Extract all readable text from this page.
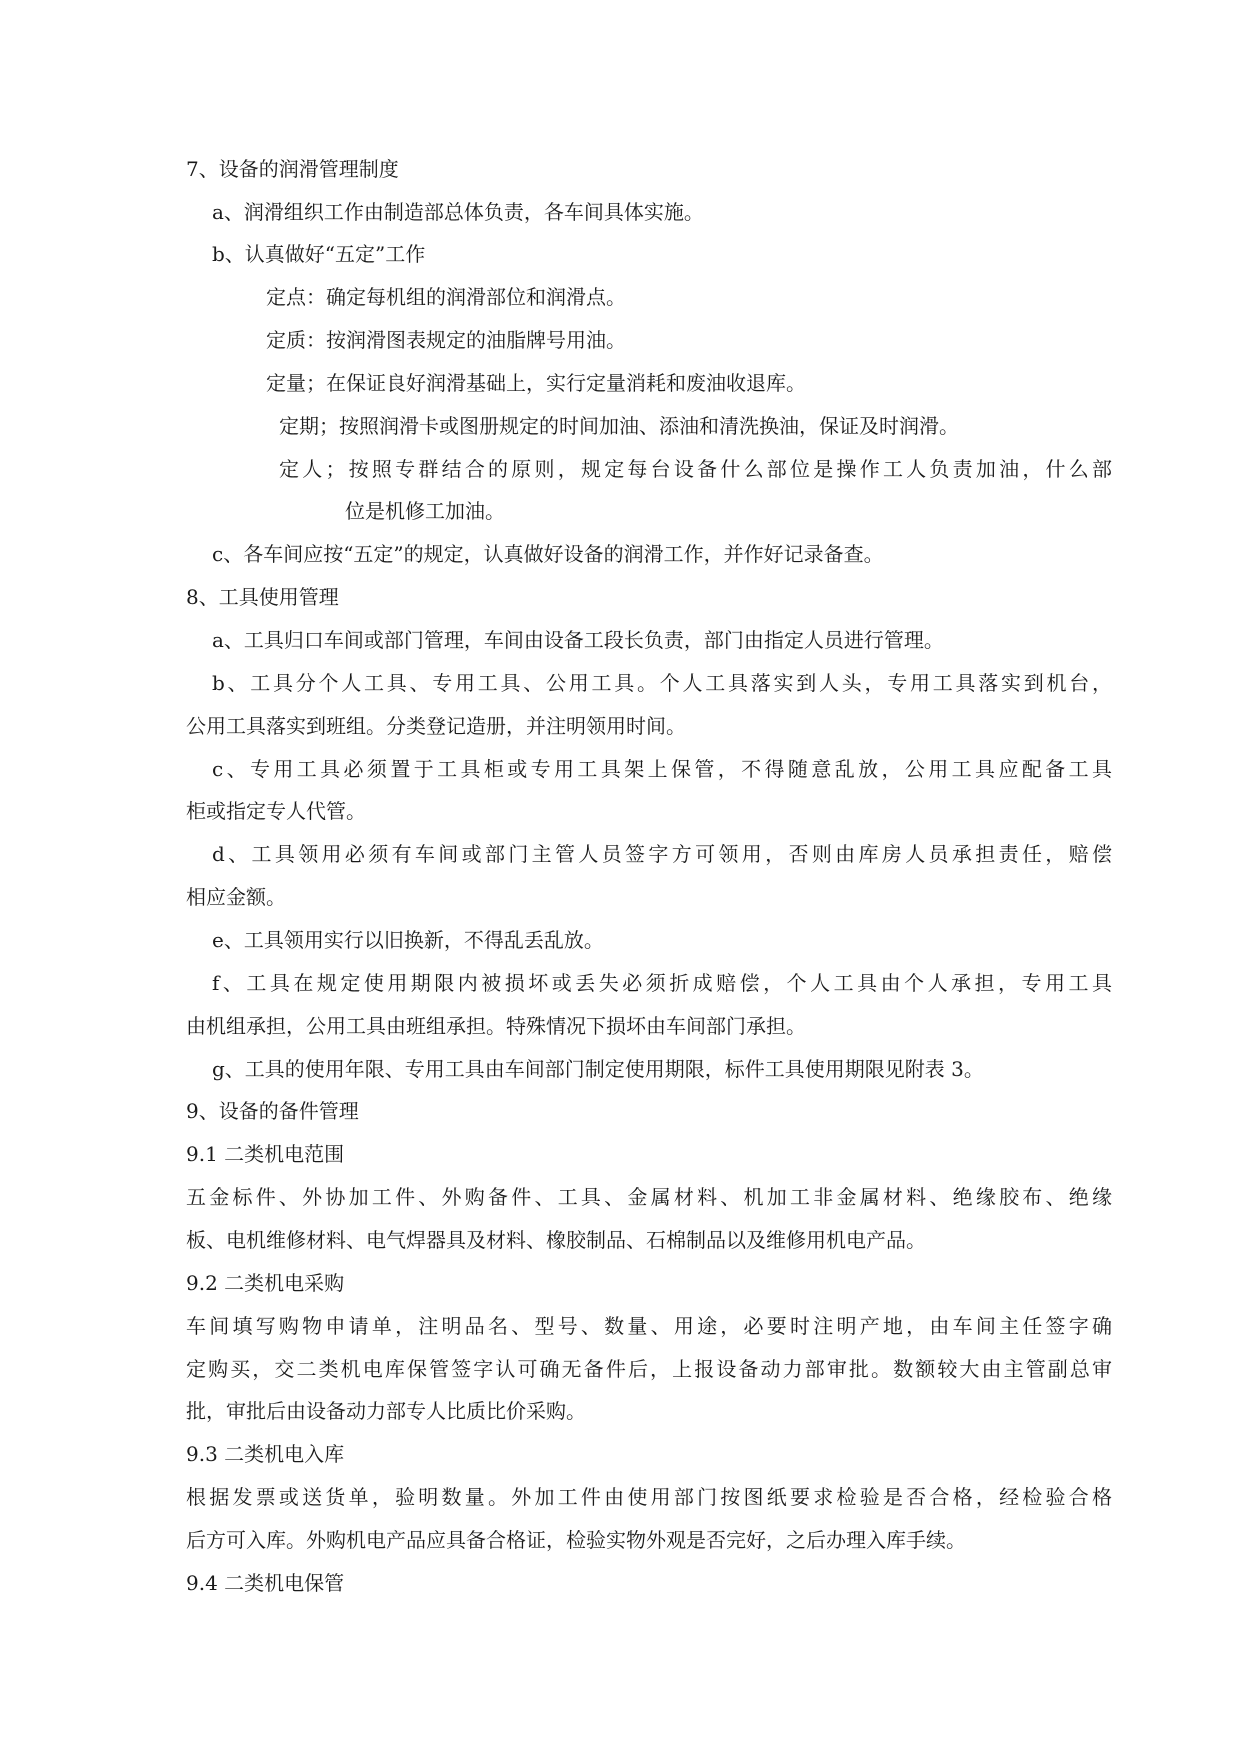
7、设备的润滑管理制度
a、润滑组织工作由制造部总体负责，各车间具体实施。
b、认真做好“五定”工作
定点：确定每机组的润滑部位和润滑点。
定质：按润滑图表规定的油脂牌号用油。
定量；在保证良好润滑基础上，实行定量消耗和废油收退库。
定期；按照润滑卡或图册规定的时间加油、添油和清洗换油，保证及时润滑。
定人；按照专群结合的原则，规定每台设备什么部位是操作工人负责加油，什么部
位是机修工加油。
c、各车间应按“五定”的规定，认真做好设备的润滑工作，并作好记录备查。
8、工具使用管理
a、工具归口车间或部门管理，车间由设备工段长负责，部门由指定人员进行管理。
b、工具分个人工具、专用工具、公用工具。个人工具落实到人头，专用工具落实到机台，
公用工具落实到班组。分类登记造册，并注明领用时间。
c、专用工具必须置于工具柜或专用工具架上保管，不得随意乱放，公用工具应配备工具
柜或指定专人代管。
d、工具领用必须有车间或部门主管人员签字方可领用，否则由库房人员承担责任，赔偿
相应金额。
e、工具领用实行以旧换新，不得乱丢乱放。
f、工具在规定使用期限内被损坏或丢失必须折成赔偿，个人工具由个人承担，专用工具
由机组承担，公用工具由班组承担。特殊情况下损坏由车间部门承担。
g、工具的使用年限、专用工具由车间部门制定使用期限，标件工具使用期限见附表 3。
9、设备的备件管理
9.1 二类机电范围
五金标件、外协加工件、外购备件、工具、金属材料、机加工非金属材料、绝缘胶布、绝缘
板、电机维修材料、电气焊器具及材料、橡胶制品、石棉制品以及维修用机电产品。
9.2 二类机电采购
车间填写购物申请单，注明品名、型号、数量、用途，必要时注明产地，由车间主任签字确
定购买，交二类机电库保管签字认可确无备件后，上报设备动力部审批。数额较大由主管副总审
批，审批后由设备动力部专人比质比价采购。
9.3 二类机电入库
根据发票或送货单，验明数量。外加工件由使用部门按图纸要求检验是否合格，经检验合格
后方可入库。外购机电产品应具备合格证，检验实物外观是否完好，之后办理入库手续。
9.4 二类机电保管
